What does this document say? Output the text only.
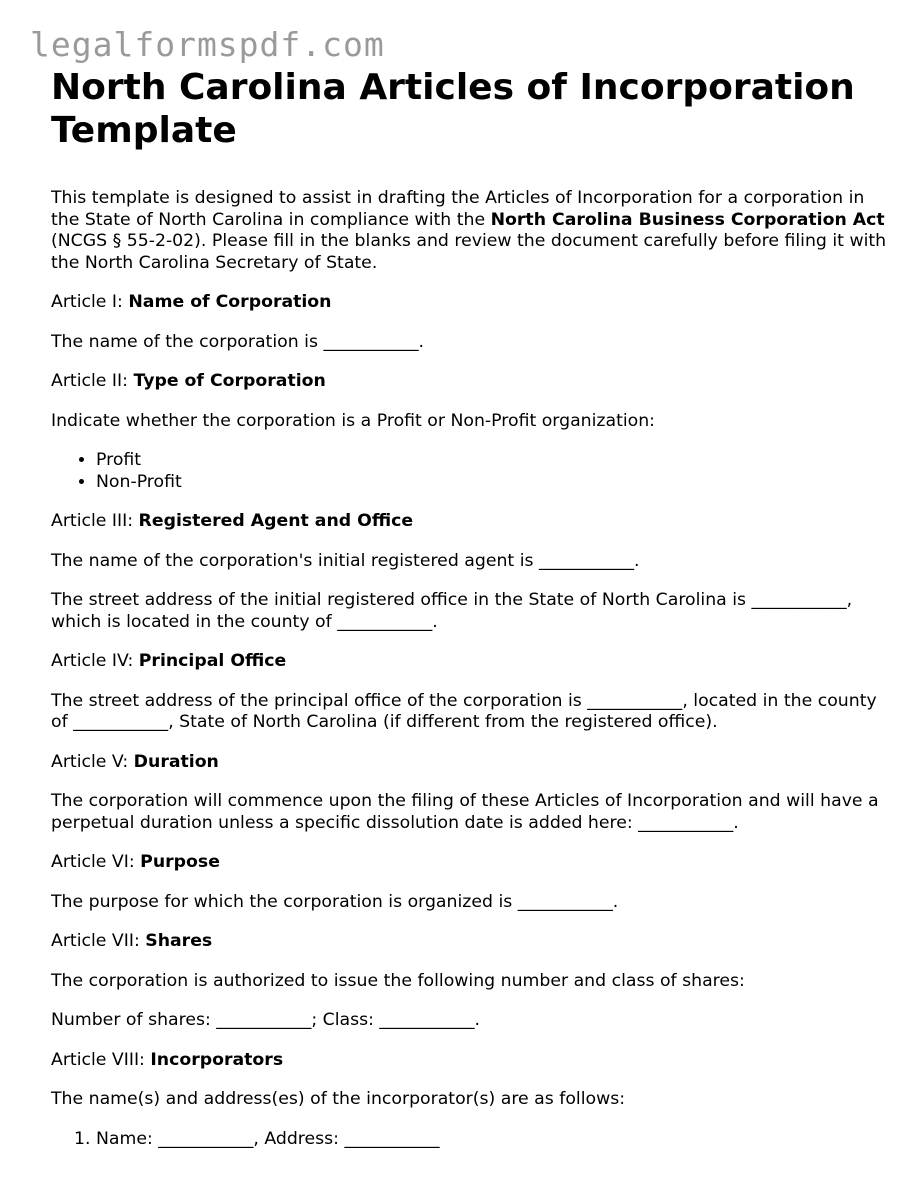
legalformspdf.com
North Carolina Articles of Incorporation Template

This template is designed to assist in drafting the Articles of Incorporation for a corporation in the State of North Carolina in compliance with the North Carolina Business Corporation Act (NCGS § 55-2-02). Please fill in the blanks and review the document carefully before filing it with the North Carolina Secretary of State.

Article I: Name of Corporation

The name of the corporation is ___________.

Article II: Type of Corporation

Indicate whether the corporation is a Profit or Non-Profit organization:

• Profit
• Non-Profit

Article III: Registered Agent and Office

The name of the corporation's initial registered agent is ___________.

The street address of the initial registered office in the State of North Carolina is ___________, which is located in the county of ___________.

Article IV: Principal Office

The street address of the principal office of the corporation is ___________, located in the county of ___________, State of North Carolina (if different from the registered office).

Article V: Duration

The corporation will commence upon the filing of these Articles of Incorporation and will have a perpetual duration unless a specific dissolution date is added here: ___________.

Article VI: Purpose

The purpose for which the corporation is organized is ___________.

Article VII: Shares

The corporation is authorized to issue the following number and class of shares:

Number of shares: ___________; Class: ___________.

Article VIII: Incorporators

The name(s) and address(es) of the incorporator(s) are as follows:

1. Name: ___________, Address: ___________
